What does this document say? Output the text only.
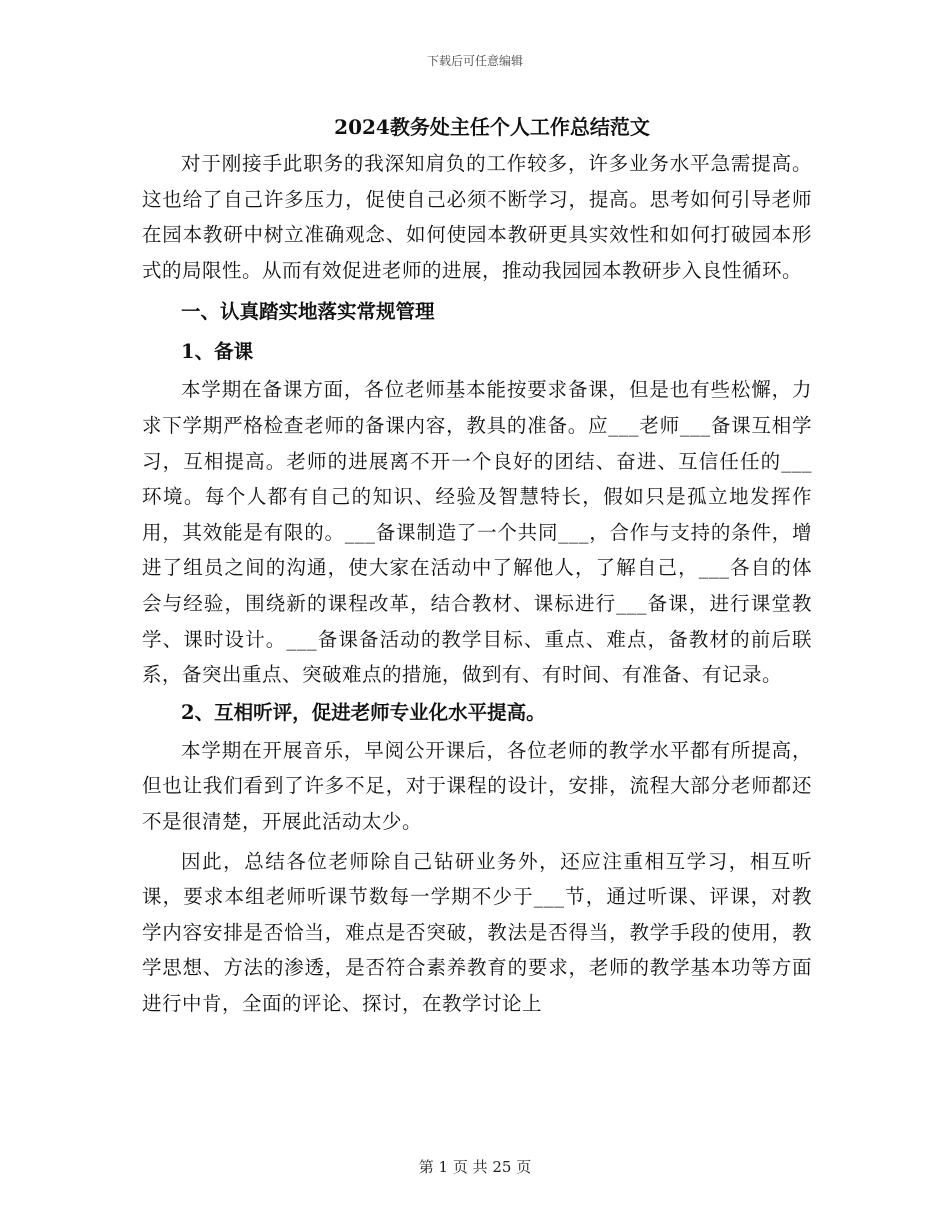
下载后可任意编辑
2024教务处主任个人工作总结范文

对于刚接手此职务的我深知肩负的工作较多，许多业务水平急需提高。这也给了自己许多压力，促使自己必须不断学习，提高。思考如何引导老师在园本教研中树立准确观念、如何使园本教研更具实效性和如何打破园本形式的局限性。从而有效促进老师的进展，推动我园园本教研步入良性循环。

一、认真踏实地落实常规管理
1、备课

本学期在备课方面，各位老师基本能按要求备课，但是也有些松懈，力求下学期严格检查老师的备课内容，教具的准备。应___老师___备课互相学习，互相提高。老师的进展离不开一个良好的团结、奋进、互信任任的___环境。每个人都有自己的知识、经验及智慧特长，假如只是孤立地发挥作用，其效能是有限的。___备课制造了一个共同___，合作与支持的条件，增进了组员之间的沟通，使大家在活动中了解他人，了解自己，___各自的体会与经验，围绕新的课程改革，结合教材、课标进行___备课，进行课堂教学、课时设计。___备课备活动的教学目标、重点、难点，备教材的前后联系，备突出重点、突破难点的措施，做到有、有时间、有准备、有记录。

2、互相听评，促进老师专业化水平提高。

本学期在开展音乐，早阅公开课后，各位老师的教学水平都有所提高，但也让我们看到了许多不足，对于课程的设计，安排，流程大部分老师都还不是很清楚，开展此活动太少。

因此，总结各位老师除自己钻研业务外，还应注重相互学习，相互听课，要求本组老师听课节数每一学期不少于___节，通过听课、评课，对教学内容安排是否恰当，难点是否突破，教法是否得当，教学手段的使用，教学思想、方法的渗透，是否符合素养教育的要求，老师的教学基本功等方面进行中肯，全面的评论、探讨，在教学讨论上

第 1 页 共 25 页
